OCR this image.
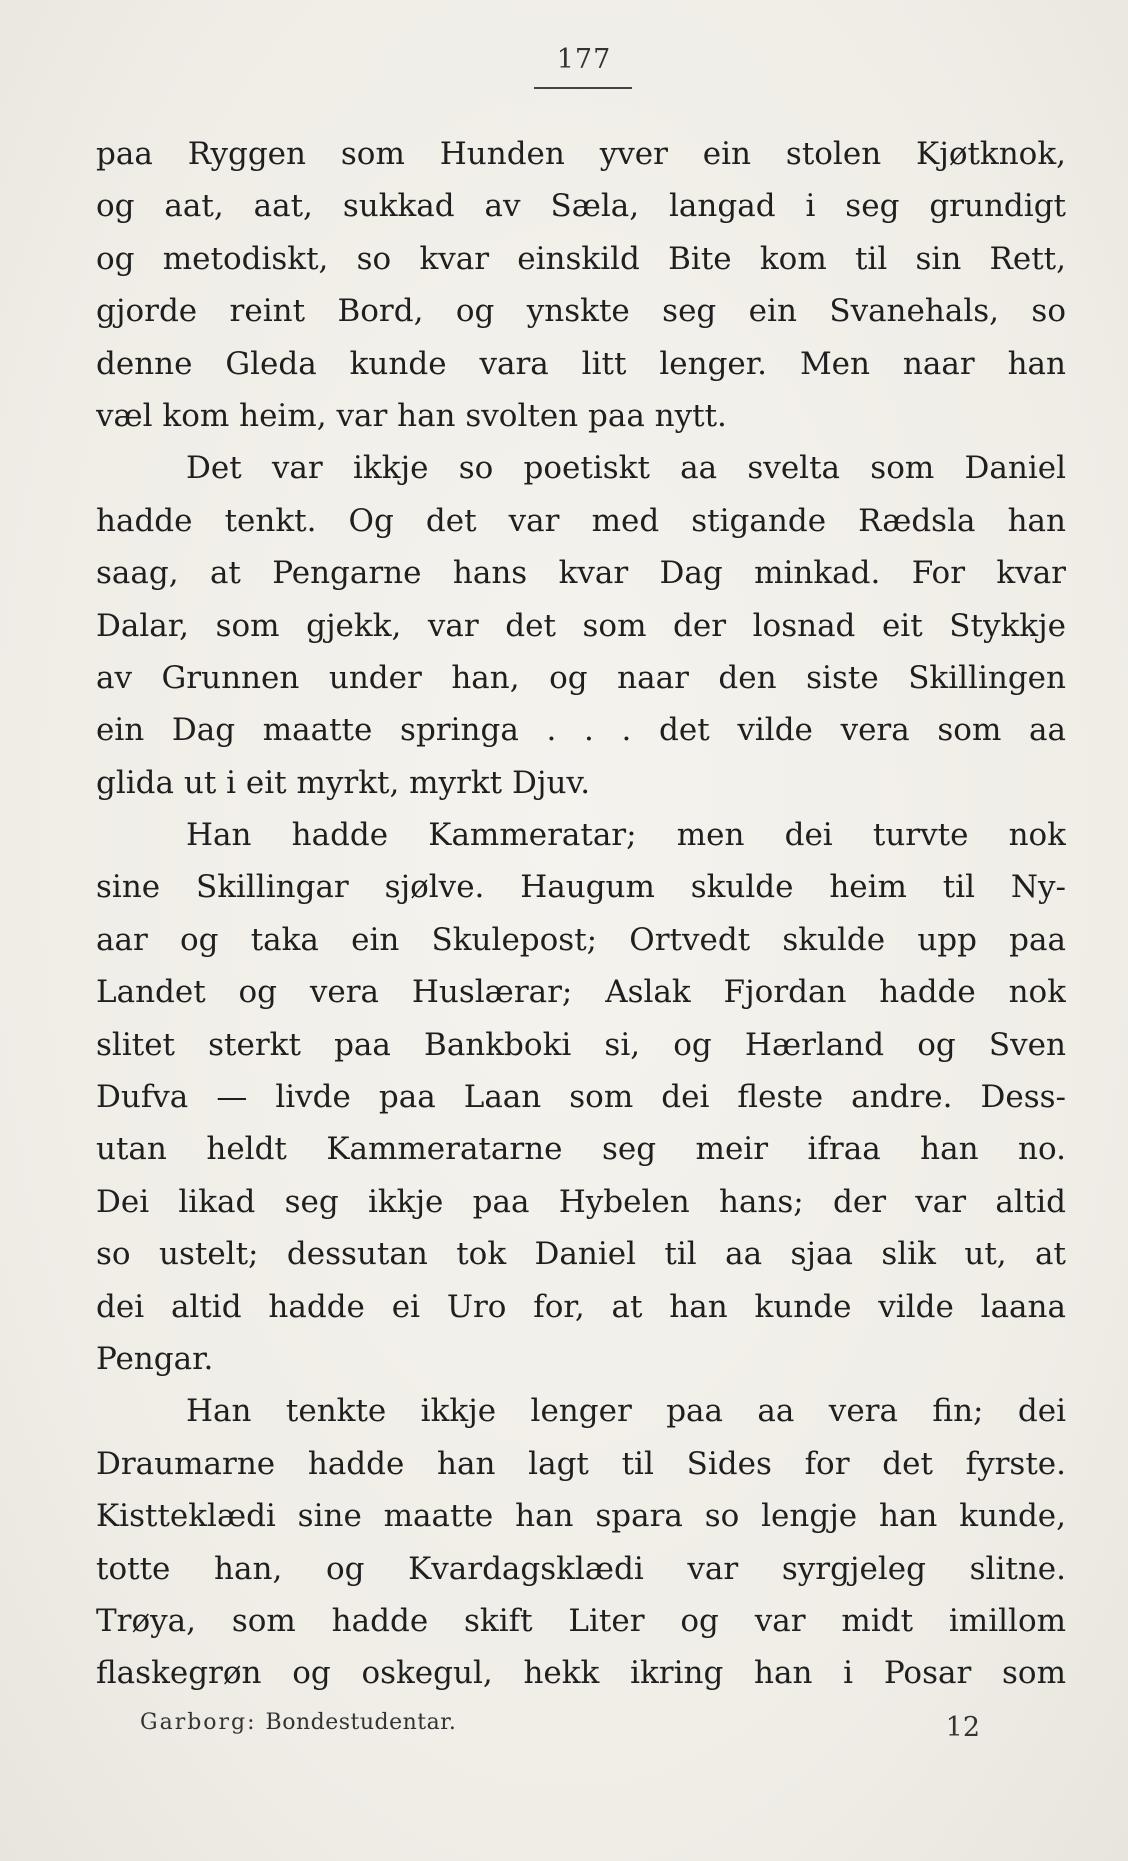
177
paa Ryggen som Hunden yver ein stolen Kjøtknok,
og aat, aat, sukkad av Sæla, langad i seg grundigt
og metodiskt, so kvar einskild Bite kom til sin Rett,
gjorde reint Bord, og ynskte seg ein Svanehals, so
denne Gleda kunde vara litt lenger. Men naar han
væl kom heim, var han svolten paa nytt.
Det var ikkje so poetiskt aa svelta som Daniel
hadde tenkt. Og det var med stigande Rædsla han
saag, at Pengarne hans kvar Dag minkad. For kvar
Dalar, som gjekk, var det som der losnad eit Stykkje
av Grunnen under han, og naar den siste Skillingen
ein Dag maatte springa . . . det vilde vera som aa
glida ut i eit myrkt, myrkt Djuv.
Han hadde Kammeratar; men dei turvte nok
sine Skillingar sjølve. Haugum skulde heim til Ny-
aar og taka ein Skulepost; Ortvedt skulde upp paa
Landet og vera Huslærar; Aslak Fjordan hadde nok
slitet sterkt paa Bankboki si, og Hærland og Sven
Dufva — livde paa Laan som dei fleste andre. Dess-
utan heldt Kammeratarne seg meir ifraa han no.
Dei likad seg ikkje paa Hybelen hans; der var altid
so ustelt; dessutan tok Daniel til aa sjaa slik ut, at
dei altid hadde ei Uro for, at han kunde vilde laana
Pengar.
Han tenkte ikkje lenger paa aa vera fin; dei
Draumarne hadde han lagt til Sides for det fyrste.
Kistteklædi sine maatte han spara so lengje han kunde,
totte han, og Kvardagsklædi var syrgjeleg slitne.
Trøya, som hadde skift Liter og var midt imillom
flaskegrøn og oskegul, hekk ikring han i Posar som
Garborg: Bondestudentar.	12
